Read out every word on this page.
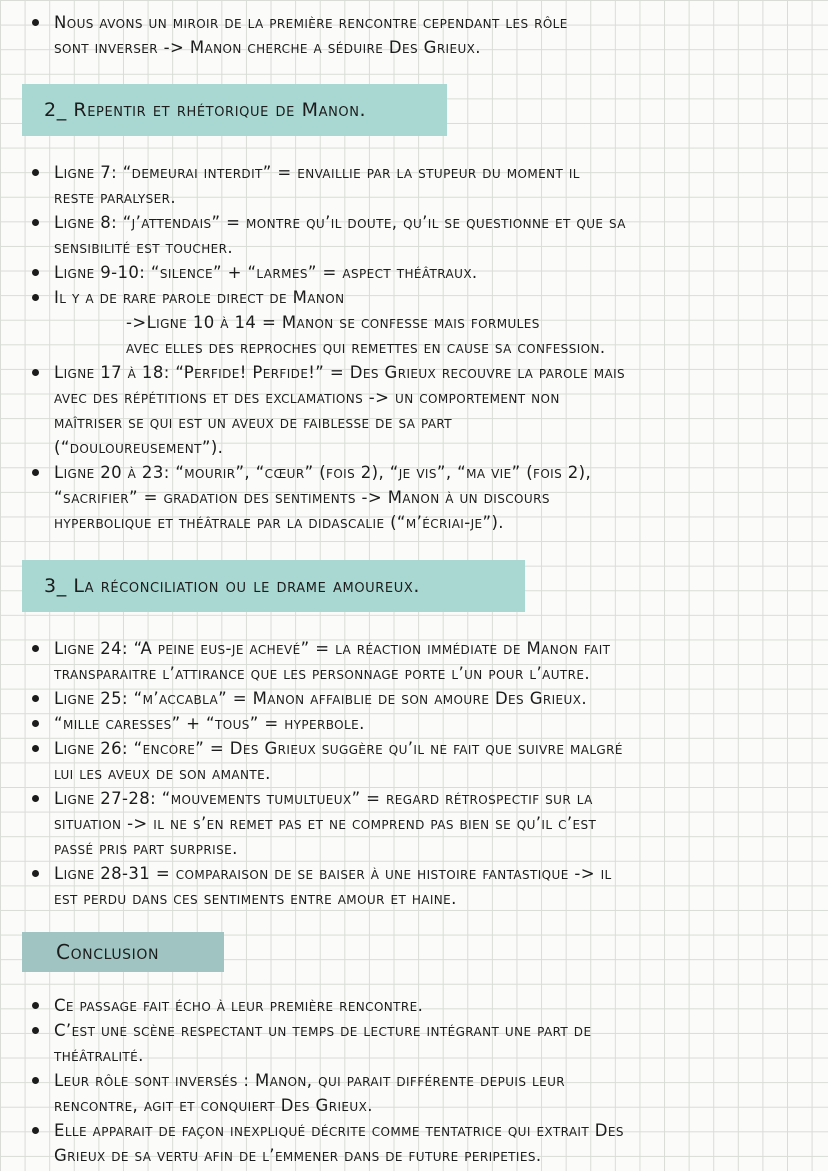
Nous avons un miroir de la première rencontre cependant les rôle
sont inverser -> Manon cherche a séduire Des Grieux.
2_ Repentir et rhétorique de Manon.
Ligne 7: “demeurai interdit” = envaillie par la stupeur du moment il
reste paralyser.
Ligne 8: “j’attendais” = montre qu’il doute, qu’il se questionne et que sa
sensibilité est toucher.
Ligne 9-10: “silence” + “larmes” = aspect théâtraux.
Il y a de rare parole direct de Manon
->Ligne 10 à 14 = Manon se confesse mais formules
avec elles des reproches qui remettes en cause sa confession.
Ligne 17 à 18: “Perfide! Perfide!” = Des Grieux recouvre la parole mais
avec des répétitions et des exclamations -> un comportement non
maîtriser se qui est un aveux de faiblesse de sa part
(“douloureusement”).
Ligne 20 à 23: “mourir”, “cœur” (fois 2), “je vis”, “ma vie” (fois 2),
“sacrifier” = gradation des sentiments -> Manon à un discours
hyperbolique et théâtrale par la didascalie (“m’écriai-je”).
3_ La réconciliation ou le drame amoureux.
Ligne 24: “A peine eus-je achevé” = la réaction immédiate de Manon fait
transparaitre l’attirance que les personnage porte l’un pour l’autre.
Ligne 25: “m’accabla” = Manon affaiblie de son amoure Des Grieux.
“mille caresses” + “tous” = hyperbole.
Ligne 26: “encore” = Des Grieux suggère qu’il ne fait que suivre malgré
lui les aveux de son amante.
Ligne 27-28: “mouvements tumultueux” = regard rétrospectif sur la
situation -> il ne s’en remet pas et ne comprend pas bien se qu’il c’est
passé pris part surprise.
Ligne 28-31 = comparaison de se baiser à une histoire fantastique -> il
est perdu dans ces sentiments entre amour et haine.
Conclusion
Ce passage fait écho à leur première rencontre.
C’est une scène respectant un temps de lecture intégrant une part de
théâtralité.
Leur rôle sont inversés : Manon, qui parait différente depuis leur
rencontre, agit et conquiert Des Grieux.
Elle apparait de façon inexpliqué décrite comme tentatrice qui extrait Des
Grieux de sa vertu afin de l’emmener dans de future peripeties.
